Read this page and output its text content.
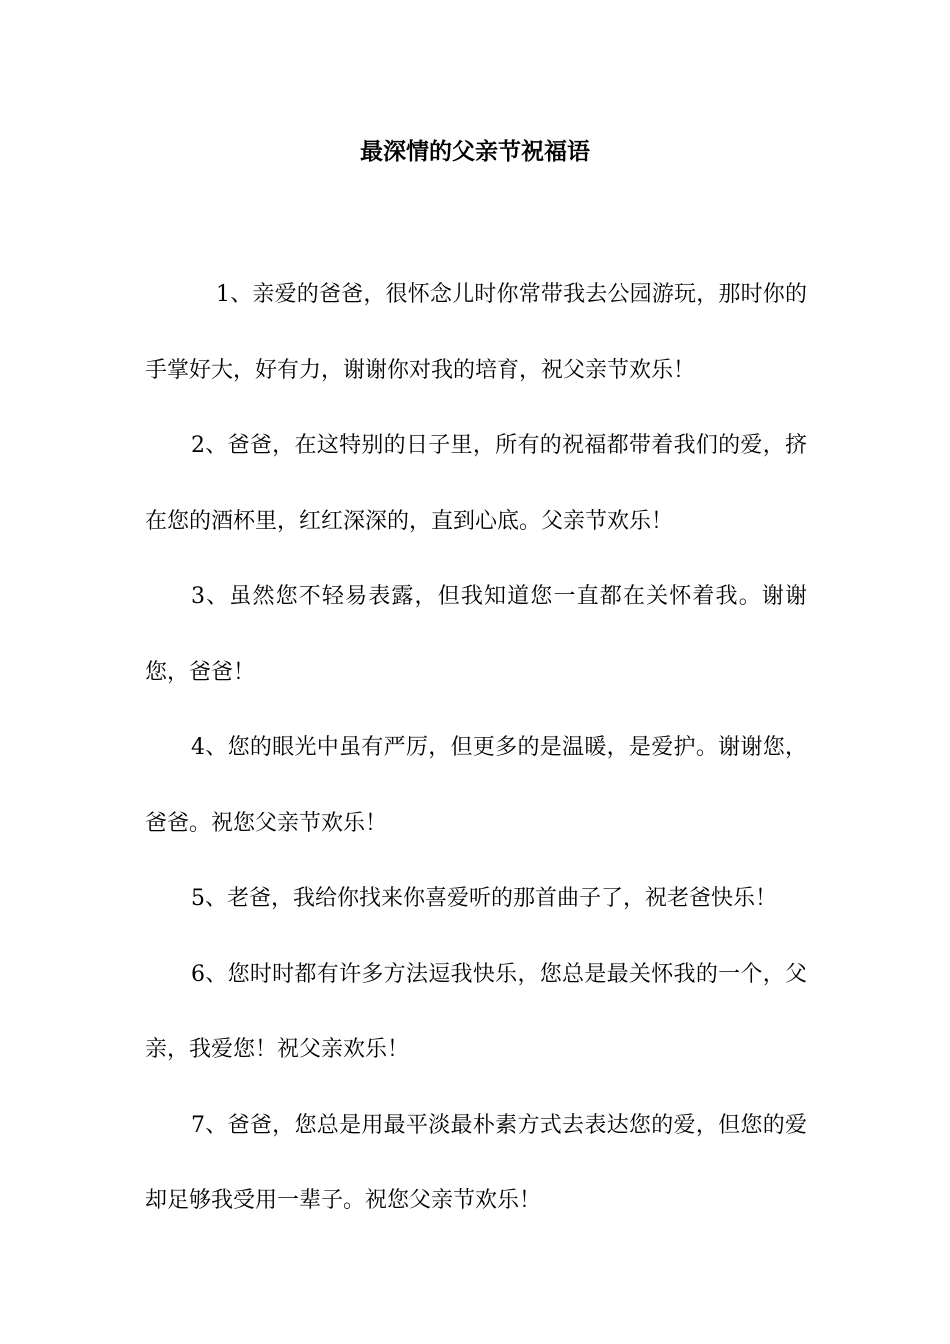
最深情的父亲节祝福语

1、亲爱的爸爸，很怀念儿时你常带我去公园游玩，那时你的手掌好大，好有力，谢谢你对我的培育，祝父亲节欢乐！

2、爸爸，在这特别的日子里，所有的祝福都带着我们的爱，挤在您的酒杯里，红红深深的，直到心底。父亲节欢乐！

3、虽然您不轻易表露，但我知道您一直都在关怀着我。谢谢您，爸爸！

4、您的眼光中虽有严厉，但更多的是温暖，是爱护。谢谢您，爸爸。祝您父亲节欢乐！

5、老爸，我给你找来你喜爱听的那首曲子了，祝老爸快乐！

6、您时时都有许多方法逗我快乐，您总是最关怀我的一个，父亲，我爱您！祝父亲欢乐！

7、爸爸，您总是用最平淡最朴素方式去表达您的爱，但您的爱却足够我受用一辈子。祝您父亲节欢乐！
